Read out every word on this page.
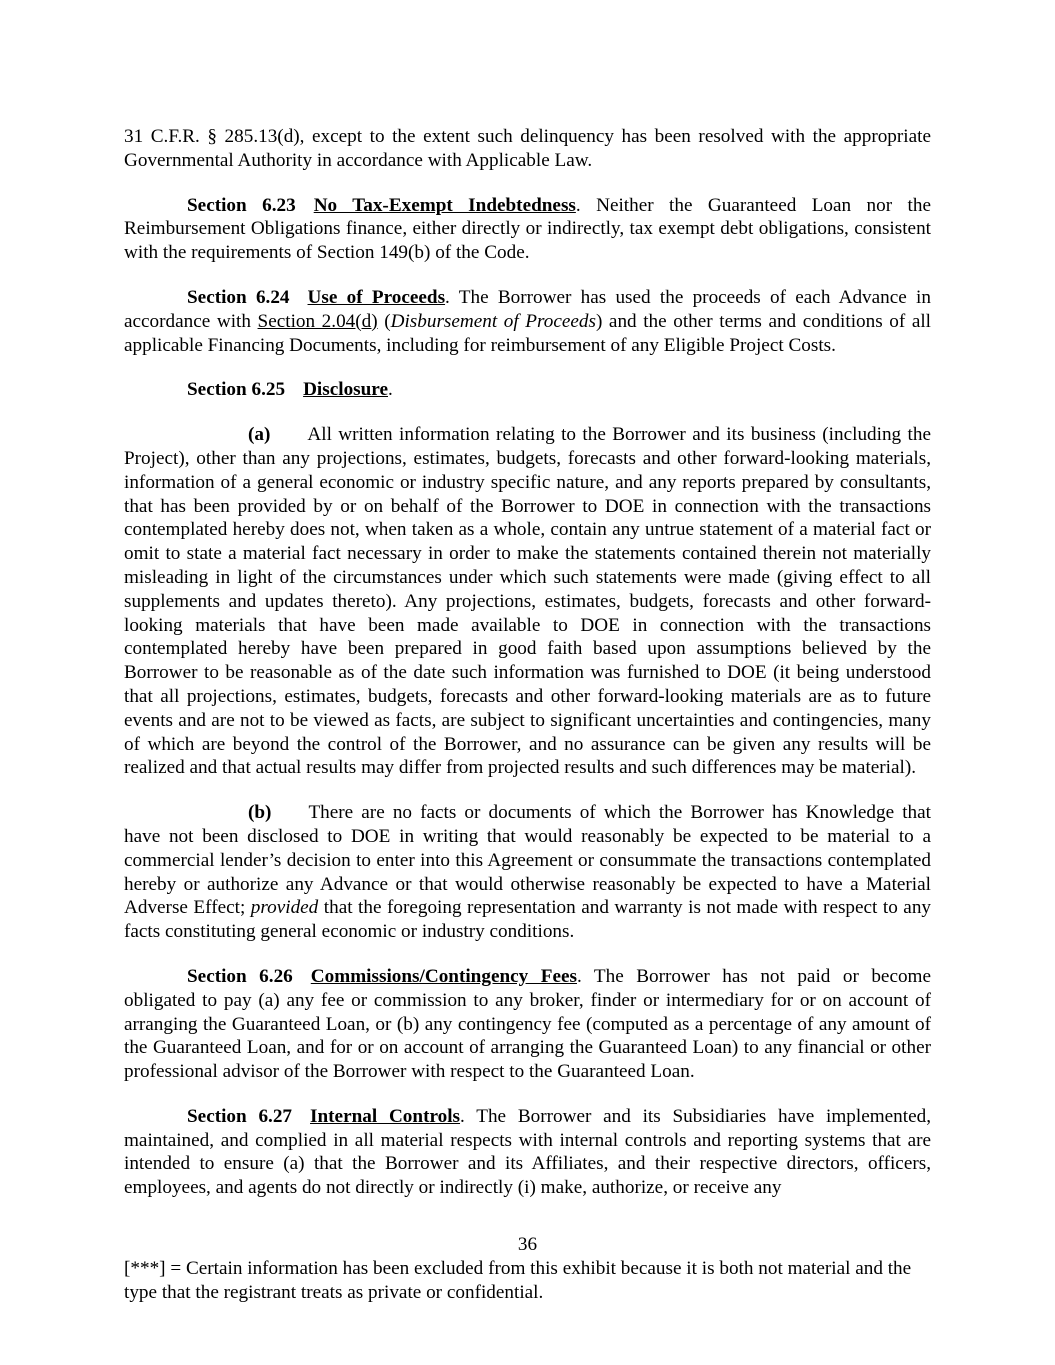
31 C.F.R. § 285.13(d), except to the extent such delinquency has been resolved with the appropriate Governmental Authority in accordance with Applicable Law.

Section 6.23 No Tax-Exempt Indebtedness. Neither the Guaranteed Loan nor the Reimbursement Obligations finance, either directly or indirectly, tax exempt debt obligations, consistent with the requirements of Section 149(b) of the Code.

Section 6.24 Use of Proceeds. The Borrower has used the proceeds of each Advance in accordance with Section 2.04(d) (Disbursement of Proceeds) and the other terms and conditions of all applicable Financing Documents, including for reimbursement of any Eligible Project Costs.

Section 6.25 Disclosure.

(a) All written information relating to the Borrower and its business (including the Project), other than any projections, estimates, budgets, forecasts and other forward-looking materials, information of a general economic or industry specific nature, and any reports prepared by consultants, that has been provided by or on behalf of the Borrower to DOE in connection with the transactions contemplated hereby does not, when taken as a whole, contain any untrue statement of a material fact or omit to state a material fact necessary in order to make the statements contained therein not materially misleading in light of the circumstances under which such statements were made (giving effect to all supplements and updates thereto). Any projections, estimates, budgets, forecasts and other forward-looking materials that have been made available to DOE in connection with the transactions contemplated hereby have been prepared in good faith based upon assumptions believed by the Borrower to be reasonable as of the date such information was furnished to DOE (it being understood that all projections, estimates, budgets, forecasts and other forward-looking materials are as to future events and are not to be viewed as facts, are subject to significant uncertainties and contingencies, many of which are beyond the control of the Borrower, and no assurance can be given any results will be realized and that actual results may differ from projected results and such differences may be material).

(b) There are no facts or documents of which the Borrower has Knowledge that have not been disclosed to DOE in writing that would reasonably be expected to be material to a commercial lender’s decision to enter into this Agreement or consummate the transactions contemplated hereby or authorize any Advance or that would otherwise reasonably be expected to have a Material Adverse Effect; provided that the foregoing representation and warranty is not made with respect to any facts constituting general economic or industry conditions.

Section 6.26 Commissions/Contingency Fees. The Borrower has not paid or become obligated to pay (a) any fee or commission to any broker, finder or intermediary for or on account of arranging the Guaranteed Loan, or (b) any contingency fee (computed as a percentage of any amount of the Guaranteed Loan, and for or on account of arranging the Guaranteed Loan) to any financial or other professional advisor of the Borrower with respect to the Guaranteed Loan.

Section 6.27 Internal Controls. The Borrower and its Subsidiaries have implemented, maintained, and complied in all material respects with internal controls and reporting systems that are intended to ensure (a) that the Borrower and its Affiliates, and their respective directors, officers, employees, and agents do not directly or indirectly (i) make, authorize, or receive any

36
[***] = Certain information has been excluded from this exhibit because it is both not material and the type that the registrant treats as private or confidential.
